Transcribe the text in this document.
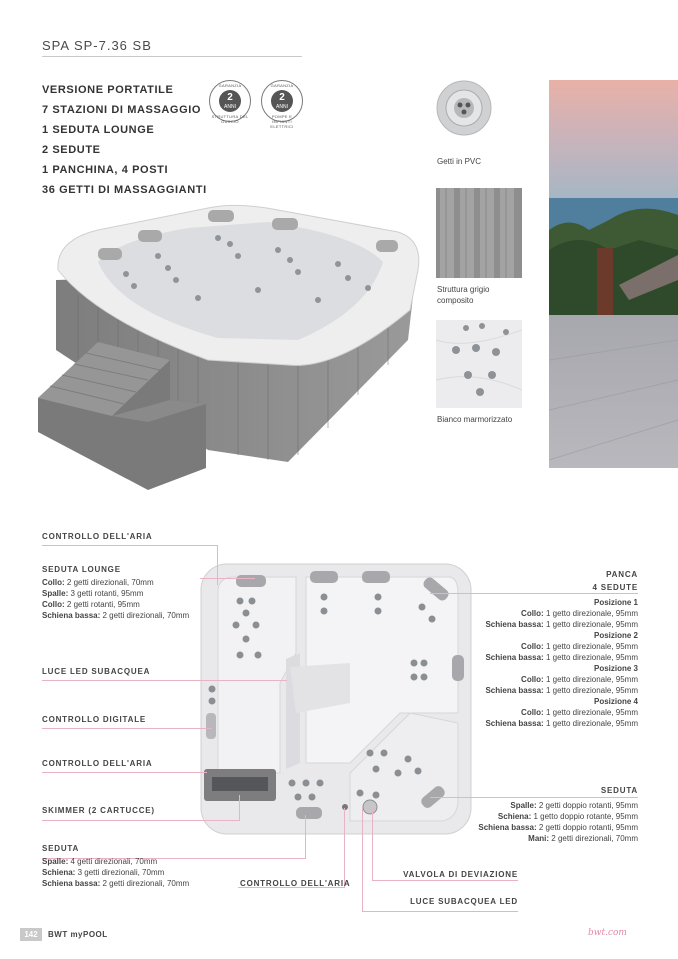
SPA SP-7.36 SB
VERSIONE PORTATILE
7 STAZIONI DI MASSAGGIO
1 SEDUTA LOUNGE
2 SEDUTE
1 PANCHINA, 4 POSTI
36 GETTI DI MASSAGGIANTI
GARANZIA
2
ANNI
STRUTTURA DEL GUSCIO
GARANZIA
2
ANNI
POMPE E IMPIANTI ELETTRICI
Getti in PVC
Struttura grigio composito
Bianco marmorizzato
CONTROLLO DELL'ARIA
SEDUTA LOUNGE
Collo: 2 getti direzionali, 70mm
Spalle: 3 getti rotanti, 95mm
Collo: 2 getti rotanti, 95mm
Schiena bassa: 2 getti direzionali, 70mm
LUCE LED SUBACQUEA
CONTROLLO DIGITALE
CONTROLLO DELL'ARIA
SKIMMER (2 CARTUCCE)
SEDUTA
Spalle: 4 getti direzionali, 70mm
Schiena: 3 getti direzionali, 70mm
Schiena bassa: 2 getti direzionali, 70mm	CONTROLLO DELL'ARIA
VALVOLA DI DEVIAZIONE
LUCE SUBACQUEA LED
PANCA
4 SEDUTE
Posizione 1
Collo: 1 getto direzionale, 95mm
Schiena bassa: 1 getto direzionale, 95mm
Posizione 2
Collo: 1 getto direzionale, 95mm
Schiena bassa: 1 getto direzionale, 95mm
Posizione 3
Collo: 1 getto direzionale, 95mm
Schiena bassa: 1 getto direzionale, 95mm
Posizione 4
Collo: 1 getto direzionale, 95mm
Schiena bassa: 1 getto direzionale, 95mm
SEDUTA
Spalle: 2 getti doppio rotanti, 95mm
Schiena: 1 getto doppio rotante, 95mm
Schiena bassa: 2 getti doppio rotanti, 95mm
Mani: 2 getti direzionali, 70mm
142	BWT myPOOL	bwt.com
